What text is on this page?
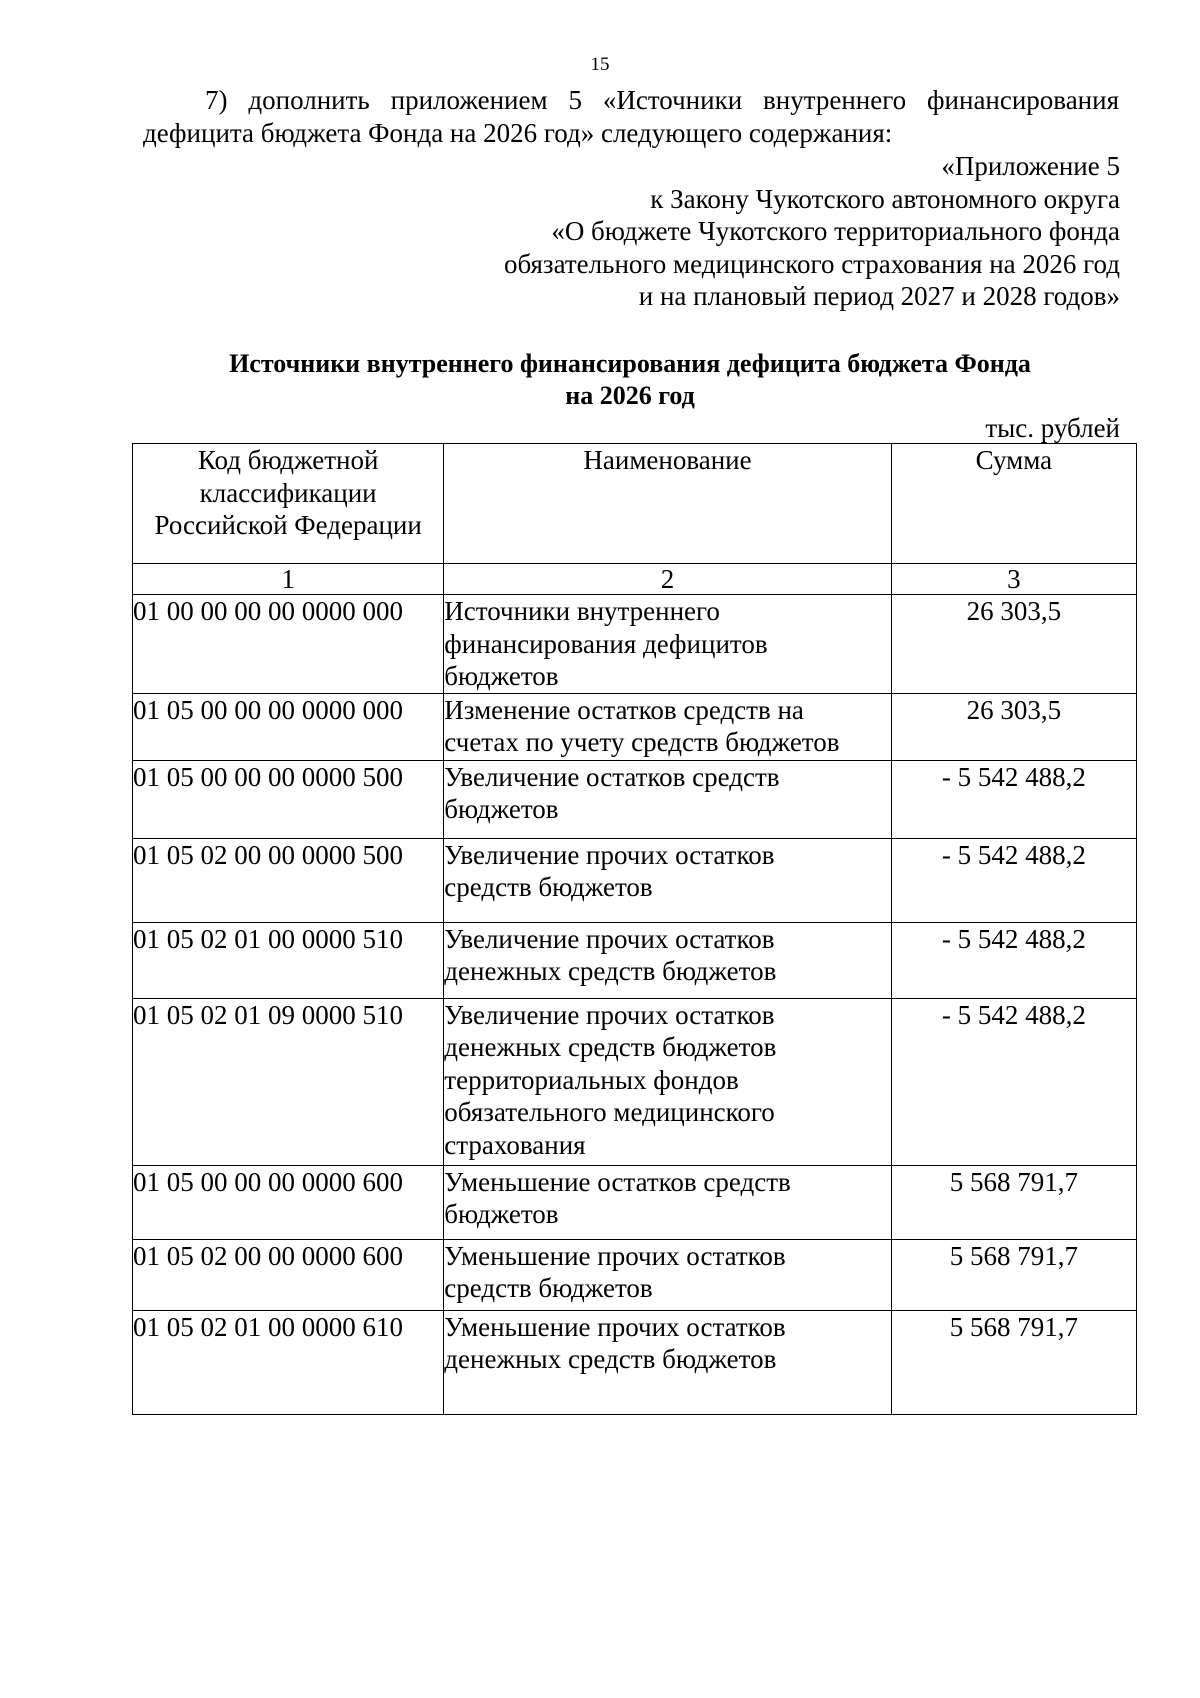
15
7) дополнить приложением 5 «Источники внутреннего финансирования дефицита бюджета Фонда на 2026 год» следующего содержания:
«Приложение 5
к Закону Чукотского автономного округа
«О бюджете Чукотского территориального фонда
обязательного медицинского страхования на 2026 год
и на плановый период 2027 и 2028 годов»
Источники внутреннего финансирования дефицита бюджета Фонда
на 2026 год
тыс. рублей
Код бюджетной
классификации
Российской Федерации	Наименование	Сумма
1	2	3
01 00 00 00 00 0000 000	Источники внутреннего
финансирования дефицитов
бюджетов	26 303,5
01 05 00 00 00 0000 000	Изменение остатков средств на
счетах по учету средств бюджетов	26 303,5
01 05 00 00 00 0000 500	Увеличение остатков средств
бюджетов	- 5 542 488,2
01 05 02 00 00 0000 500	Увеличение прочих остатков
средств бюджетов	- 5 542 488,2
01 05 02 01 00 0000 510	Увеличение прочих остатков
денежных средств бюджетов	- 5 542 488,2
01 05 02 01 09 0000 510	Увеличение прочих остатков
денежных средств бюджетов
территориальных фондов
обязательного медицинского
страхования	- 5 542 488,2
01 05 00 00 00 0000 600	Уменьшение остатков средств
бюджетов	5 568 791,7
01 05 02 00 00 0000 600	Уменьшение прочих остатков
средств бюджетов	5 568 791,7
01 05 02 01 00 0000 610	Уменьшение прочих остатков
денежных средств бюджетов	5 568 791,7
